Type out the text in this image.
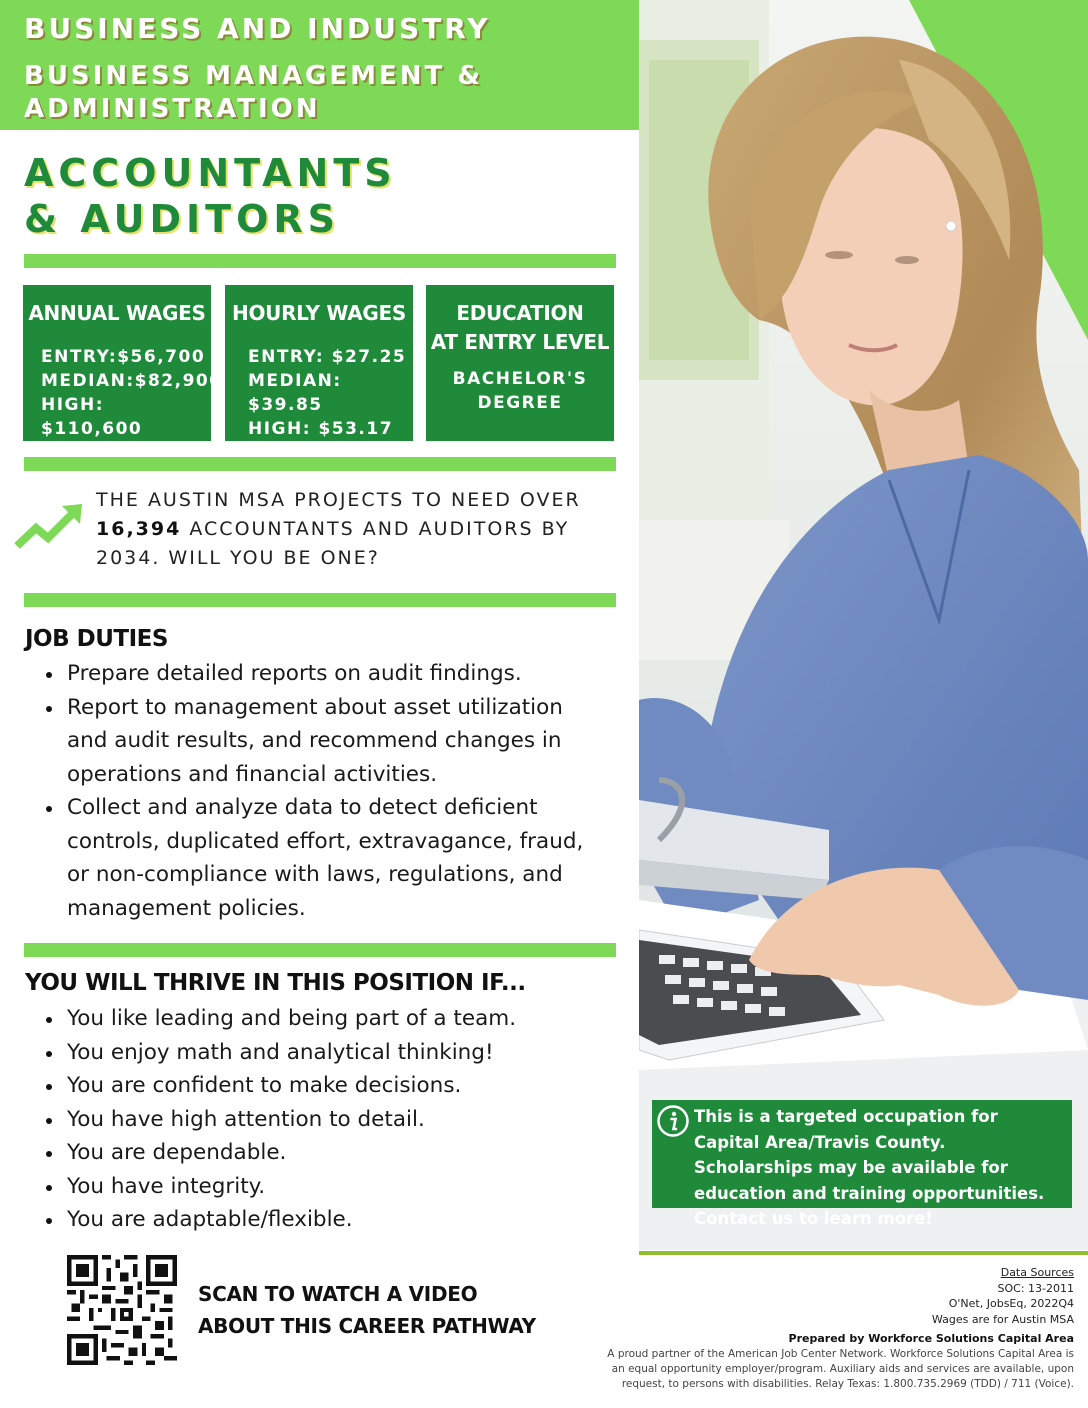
BUSINESS AND INDUSTRY
BUSINESS MANAGEMENT & ADMINISTRATION
ACCOUNTANTS
& AUDITORS
ANNUAL WAGES
ENTRY:$56,700
MEDIAN:$82,900
HIGH: $110,600
HOURLY WAGES
ENTRY: $27.25
MEDIAN: $39.85
HIGH: $53.17
EDUCATION
AT ENTRY LEVEL
BACHELOR'S
DEGREE
THE AUSTIN MSA PROJECTS TO NEED OVER 16,394 ACCOUNTANTS AND AUDITORS BY 2034. WILL YOU BE ONE?
JOB DUTIES
Prepare detailed reports on audit findings.
Report to management about asset utilization and audit results, and recommend changes in operations and financial activities.
Collect and analyze data to detect deficient controls, duplicated effort, extravagance, fraud, or non-compliance with laws, regulations, and management policies.
YOU WILL THRIVE IN THIS POSITION IF...
You like leading and being part of a team.
You enjoy math and analytical thinking!
You are confident to make decisions.
You have high attention to detail.
You are dependable.
You have integrity.
You are adaptable/flexible.
SCAN TO WATCH A VIDEO
ABOUT THIS CAREER PATHWAY
This is a targeted occupation for Capital Area/Travis County. Scholarships may be available for education and training opportunities. Contact us to learn more!
Data Sources
SOC: 13-2011
O'Net, JobsEq, 2022Q4
Wages are for Austin MSA
Prepared by Workforce Solutions Capital Area
A proud partner of the American Job Center Network. Workforce Solutions Capital Area is an equal opportunity employer/program. Auxiliary aids and services are available, upon request, to persons with disabilities. Relay Texas: 1.800.735.2969 (TDD) / 711 (Voice).
